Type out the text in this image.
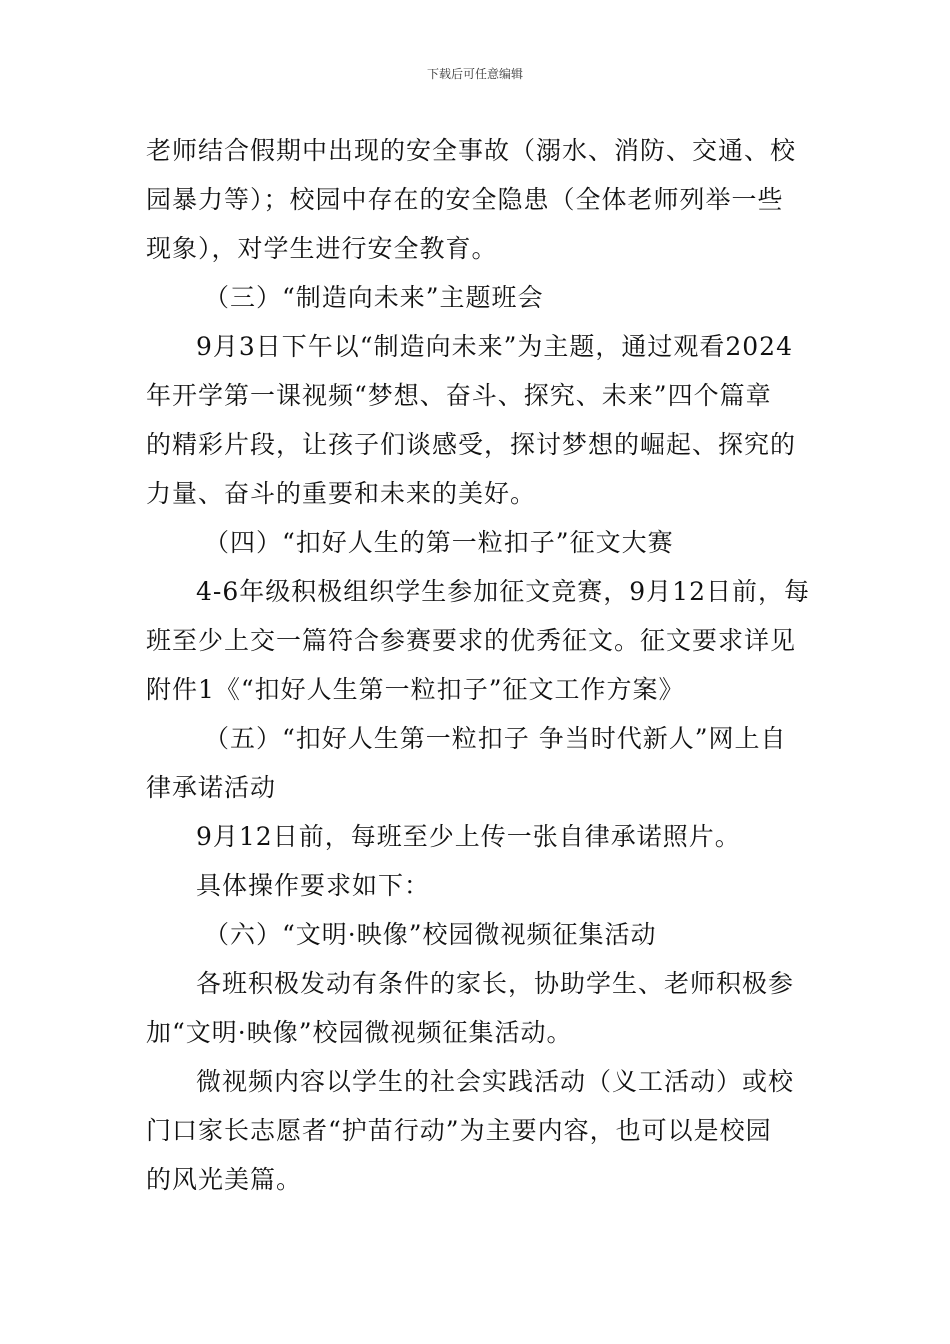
下载后可任意编辑
老师结合假期中出现的安全事故（溺水、消防、交通、校
园暴力等）；校园中存在的安全隐患（全体老师列举一些
现象），对学生进行安全教育。
（三）“制造向未来”主题班会
9月3日下午以“制造向未来”为主题，通过观看2024
年开学第一课视频“梦想、奋斗、探究、未来”四个篇章
的精彩片段，让孩子们谈感受，探讨梦想的崛起、探究的
力量、奋斗的重要和未来的美好。
（四）“扣好人生的第一粒扣子”征文大赛
4-6年级积极组织学生参加征文竞赛，9月12日前，每
班至少上交一篇符合参赛要求的优秀征文。征文要求详见
附件1《“扣好人生第一粒扣子”征文工作方案》
（五）“扣好人生第一粒扣子 争当时代新人”网上自
律承诺活动
9月12日前，每班至少上传一张自律承诺照片。
具体操作要求如下：
（六）“文明·映像”校园微视频征集活动
各班积极发动有条件的家长，协助学生、老师积极参
加“文明·映像”校园微视频征集活动。
微视频内容以学生的社会实践活动（义工活动）或校
门口家长志愿者“护苗行动”为主要内容，也可以是校园
的风光美篇。
